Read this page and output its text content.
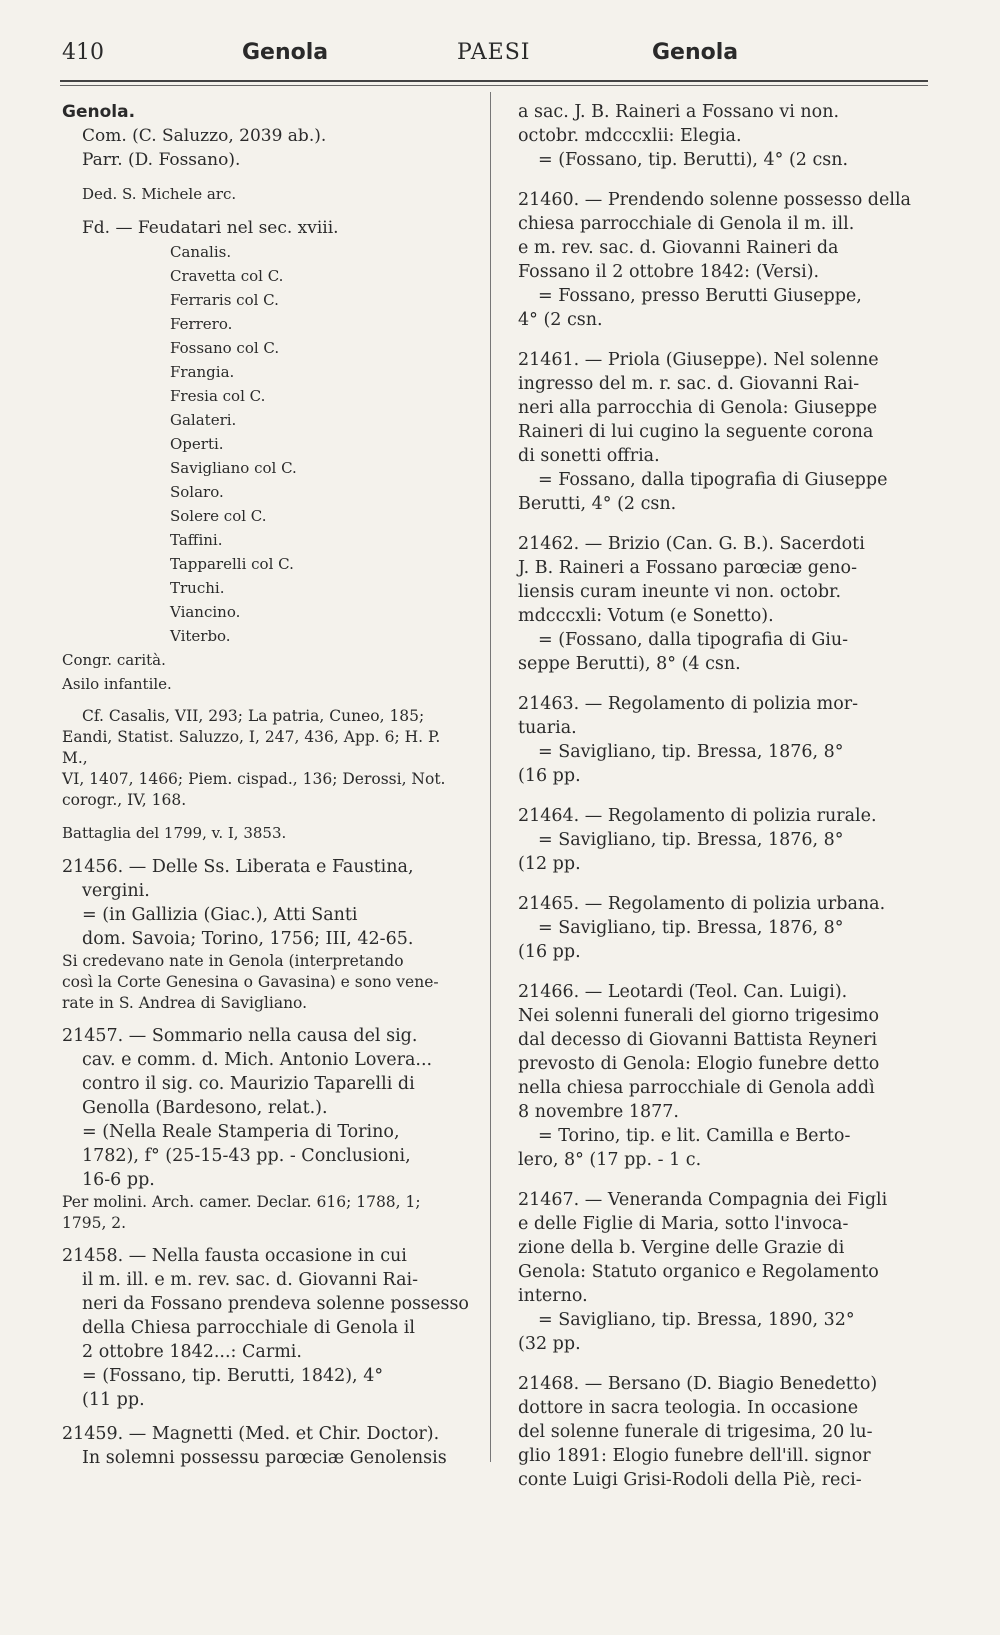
410	Genola	PAESI	Genola
Genola.
Com. (C. Saluzzo, 2039 ab.).
Parr. (D. Fossano).
Ded. S. Michele arc.
Fd. — Feudatari nel sec. xviii.
Canalis.
Cravetta col C.
Ferraris col C.
Ferrero.
Fossano col C.
Frangia.
Fresia col C.
Galateri.
Operti.
Savigliano col C.
Solaro.
Solere col C.
Taffini.
Tapparelli col C.
Truchi.
Viancino.
Viterbo.
Congr. carità.
Asilo infantile.
Cf. Casalis, VII, 293; La patria, Cuneo, 185;
Eandi, Statist. Saluzzo, I, 247, 436, App. 6; H. P. M.,
VI, 1407, 1466; Piem. cispad., 136; Derossi, Not.
corogr., IV, 168.
Battaglia del 1799, v. I, 3853.
21456. — Delle Ss. Liberata e Faustina,
vergini.
= (in Gallizia (Giac.), Atti Santi
dom. Savoia; Torino, 1756; III, 42-65.
Si credevano nate in Genola (interpretando
così la Corte Genesina o Gavasina) e sono vene-
rate in S. Andrea di Savigliano.
21457. — Sommario nella causa del sig.
cav. e comm. d. Mich. Antonio Lovera...
contro il sig. co. Maurizio Taparelli di
Genolla (Bardesono, relat.).
= (Nella Reale Stamperia di Torino,
1782), f° (25-15-43 pp. - Conclusioni,
16-6 pp.
Per molini. Arch. camer. Declar. 616; 1788, 1;
1795, 2.
21458. — Nella fausta occasione in cui
il m. ill. e m. rev. sac. d. Giovanni Rai-
neri da Fossano prendeva solenne possesso
della Chiesa parrocchiale di Genola il
2 ottobre 1842...: Carmi.
= (Fossano, tip. Berutti, 1842), 4°
(11 pp.
21459. — Magnetti (Med. et Chir. Doctor).
In solemni possessu parœciæ Genolensis
a sac. J. B. Raineri a Fossano vi non.
octobr. mdcccxlii: Elegia.
= (Fossano, tip. Berutti), 4° (2 csn.
21460. — Prendendo solenne possesso della
chiesa parrocchiale di Genola il m. ill.
e m. rev. sac. d. Giovanni Raineri da
Fossano il 2 ottobre 1842: (Versi).
= Fossano, presso Berutti Giuseppe,
4° (2 csn.
21461. — Priola (Giuseppe). Nel solenne
ingresso del m. r. sac. d. Giovanni Rai-
neri alla parrocchia di Genola: Giuseppe
Raineri di lui cugino la seguente corona
di sonetti offria.
= Fossano, dalla tipografia di Giuseppe
Berutti, 4° (2 csn.
21462. — Brizio (Can. G. B.). Sacerdoti
J. B. Raineri a Fossano parœciæ geno-
liensis curam ineunte vi non. octobr.
mdcccxli: Votum (e Sonetto).
= (Fossano, dalla tipografia di Giu-
seppe Berutti), 8° (4 csn.
21463. — Regolamento di polizia mor-
tuaria.
= Savigliano, tip. Bressa, 1876, 8°
(16 pp.
21464. — Regolamento di polizia rurale.
= Savigliano, tip. Bressa, 1876, 8°
(12 pp.
21465. — Regolamento di polizia urbana.
= Savigliano, tip. Bressa, 1876, 8°
(16 pp.
21466. — Leotardi (Teol. Can. Luigi).
Nei solenni funerali del giorno trigesimo
dal decesso di Giovanni Battista Reyneri
prevosto di Genola: Elogio funebre detto
nella chiesa parrocchiale di Genola addì
8 novembre 1877.
= Torino, tip. e lit. Camilla e Berto-
lero, 8° (17 pp. - 1 c.
21467. — Veneranda Compagnia dei Figli
e delle Figlie di Maria, sotto l'invoca-
zione della b. Vergine delle Grazie di
Genola: Statuto organico e Regolamento
interno.
= Savigliano, tip. Bressa, 1890, 32°
(32 pp.
21468. — Bersano (D. Biagio Benedetto)
dottore in sacra teologia. In occasione
del solenne funerale di trigesima, 20 lu-
glio 1891: Elogio funebre dell'ill. signor
conte Luigi Grisi-Rodoli della Piè, reci-
